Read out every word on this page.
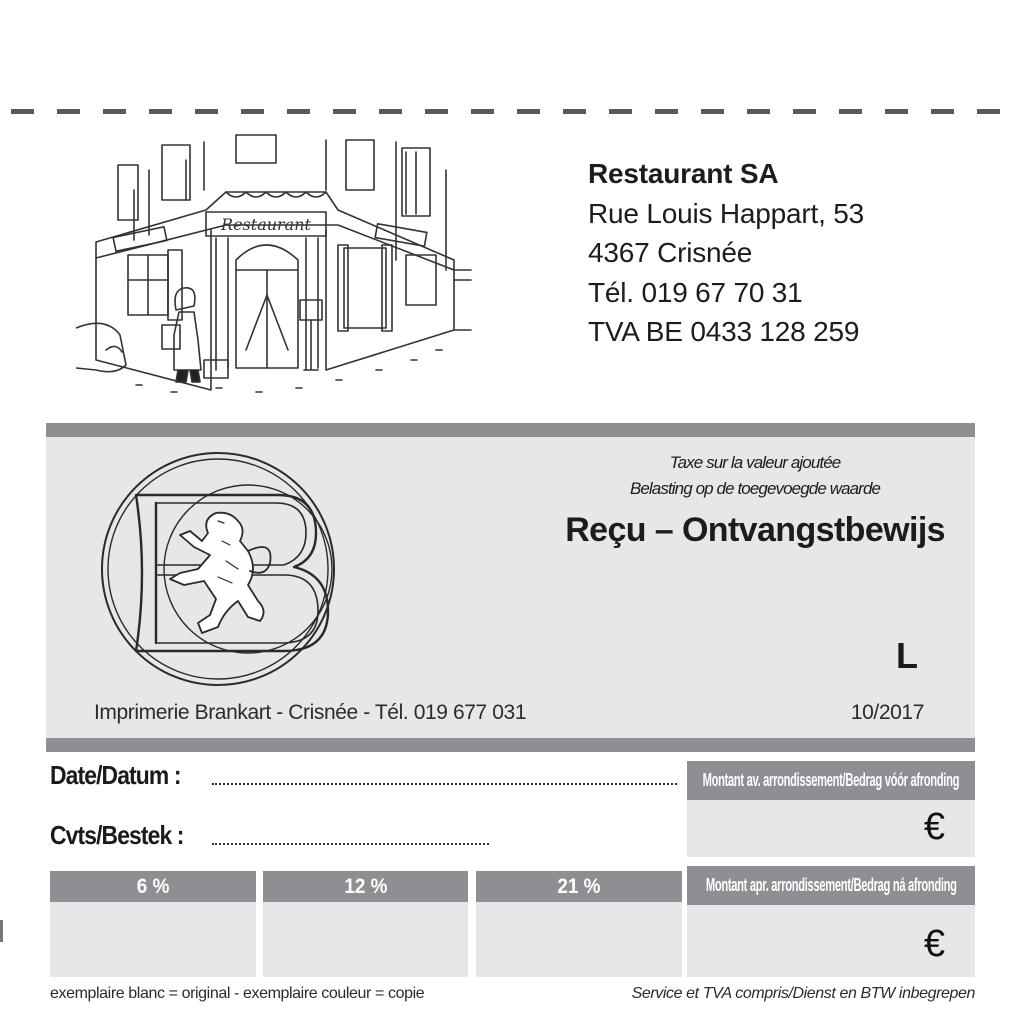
Restaurant
Restaurant SA
Rue Louis Happart, 53
4367 Crisnée
Tél. 019 67 70 31
TVA BE 0433 128 259
Taxe sur la valeur ajoutée
Belasting op de toegevoegde waarde
Reçu – Ontvangstbewijs
L
Imprimerie Brankart - Crisnée - Tél. 019 677 031	10/2017
Date/Datum :
Cvts/Bestek :
Montant av. arrondissement/Bedrag vóór afronding
€
Montant apr. arrondissement/Bedrag ná afronding
€
6 %	12 %	21 %
exemplaire blanc = original - exemplaire couleur = copie	Service et TVA compris/Dienst en BTW inbegrepen
